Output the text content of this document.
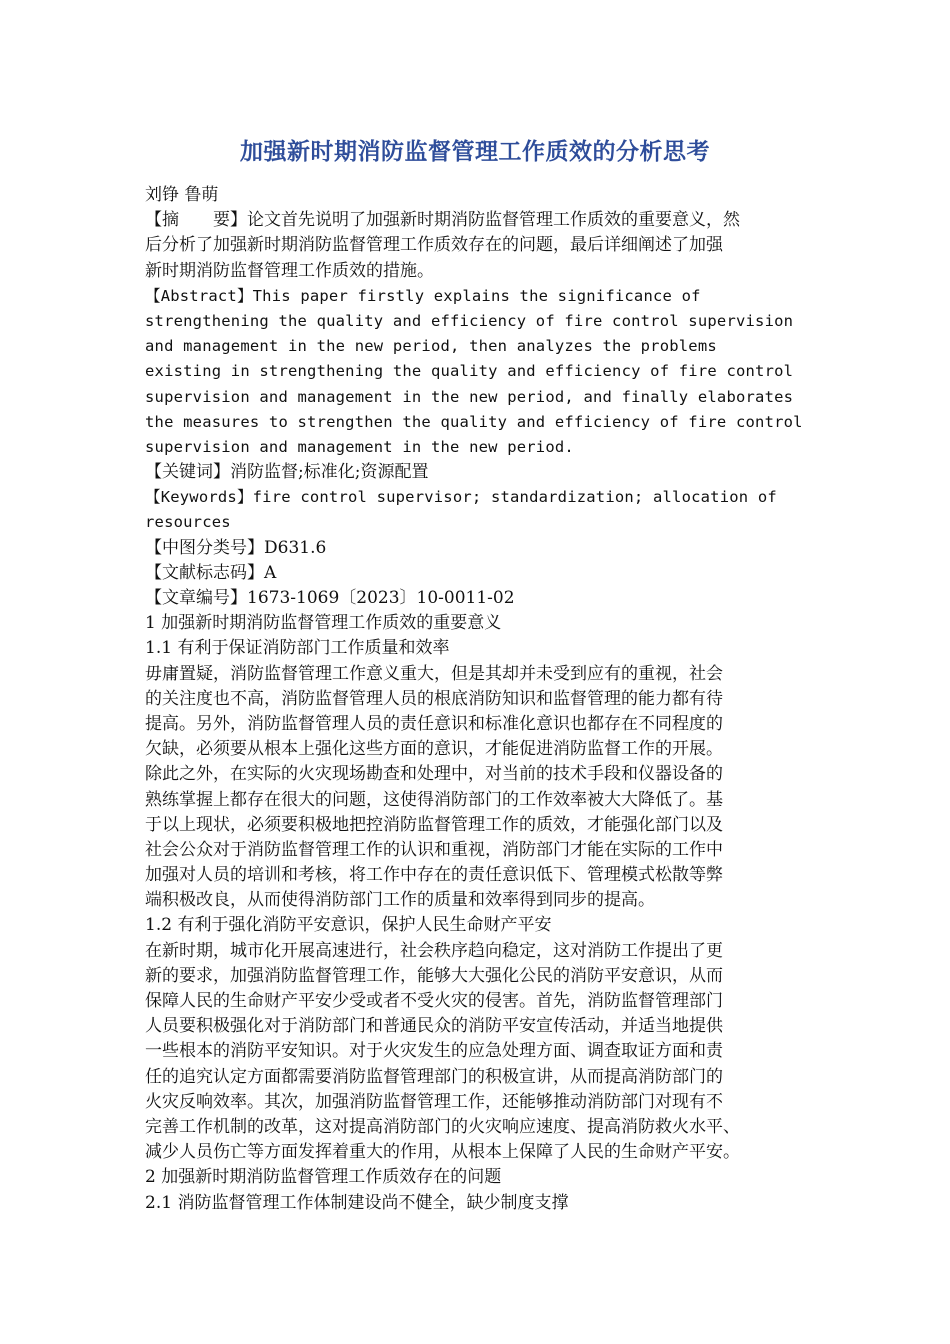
加强新时期消防监督管理工作质效的分析思考
刘铮 鲁萌
【摘　　要】论文首先说明了加强新时期消防监督管理工作质效的重要意义，然
后分析了加强新时期消防监督管理工作质效存在的问题，最后详细阐述了加强
新时期消防监督管理工作质效的措施。
【Abstract】This paper firstly explains the significance of
strengthening the quality and efficiency of fire control supervision
and management in the new period, then analyzes the problems
existing in strengthening the quality and efficiency of fire control
supervision and management in the new period, and finally elaborates
the measures to strengthen the quality and efficiency of fire control
supervision and management in the new period.
【关键词】消防监督;标准化;资源配置
【Keywords】fire control supervisor; standardization; allocation of
resources
【中图分类号】D631.6
【文献标志码】A
【文章编号】1673-1069〔2023〕10-0011-02
1 加强新时期消防监督管理工作质效的重要意义
1.1 有利于保证消防部门工作质量和效率
毋庸置疑，消防监督管理工作意义重大，但是其却并未受到应有的重视，社会
的关注度也不高，消防监督管理人员的根底消防知识和监督管理的能力都有待
提高。另外，消防监督管理人员的责任意识和标准化意识也都存在不同程度的
欠缺，必须要从根本上强化这些方面的意识，才能促进消防监督工作的开展。
除此之外，在实际的火灾现场勘查和处理中，对当前的技术手段和仪器设备的
熟练掌握上都存在很大的问题，这使得消防部门的工作效率被大大降低了。基
于以上现状，必须要积极地把控消防监督管理工作的质效，才能强化部门以及
社会公众对于消防监督管理工作的认识和重视，消防部门才能在实际的工作中
加强对人员的培训和考核，将工作中存在的责任意识低下、管理模式松散等弊
端积极改良，从而使得消防部门工作的质量和效率得到同步的提高。
1.2 有利于强化消防平安意识，保护人民生命财产平安
在新时期，城市化开展高速进行，社会秩序趋向稳定，这对消防工作提出了更
新的要求，加强消防监督管理工作，能够大大强化公民的消防平安意识，从而
保障人民的生命财产平安少受或者不受火灾的侵害。首先，消防监督管理部门
人员要积极强化对于消防部门和普通民众的消防平安宣传活动，并适当地提供
一些根本的消防平安知识。对于火灾发生的应急处理方面、调查取证方面和责
任的追究认定方面都需要消防监督管理部门的积极宣讲，从而提高消防部门的
火灾反响效率。其次，加强消防监督管理工作，还能够推动消防部门对现有不
完善工作机制的改革，这对提高消防部门的火灾响应速度、提高消防救火水平、
减少人员伤亡等方面发挥着重大的作用，从根本上保障了人民的生命财产平安。
2 加强新时期消防监督管理工作质效存在的问题
2.1 消防监督管理工作体制建设尚不健全，缺少制度支撑
